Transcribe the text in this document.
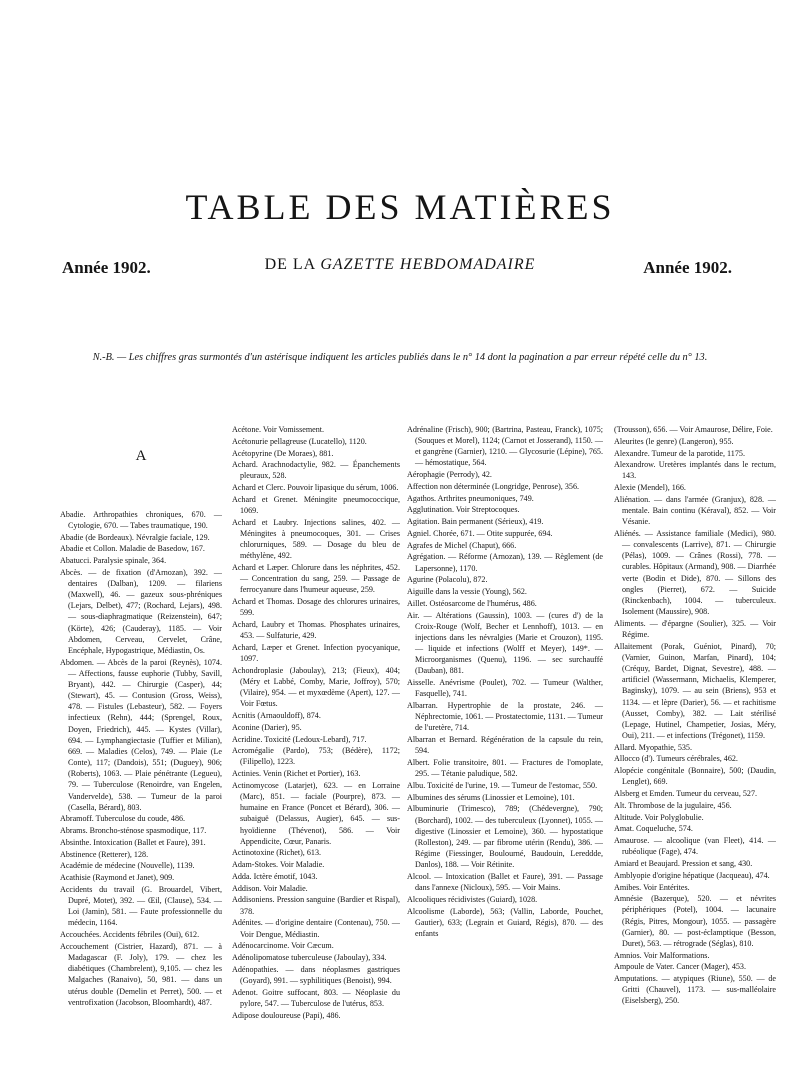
TABLE DES MATIÈRES

Année 1902.	DE LA GAZETTE HEBDOMADAIRE	Année 1902.

N.-B. — Les chiffres gras surmontés d'un astérisque indiquent les articles publiés dans le n° 14 dont la pagination a par erreur répété celle du n° 13.

A

Abadie. Arthropathies chroniques, 670. — Cytologie, 670. — Tabes traumatique, 190.

Abadie (de Bordeaux). Névralgie faciale, 129.

Abadie et Collon. Maladie de Basedow, 167.

Abatucci. Paralysie spinale, 364.

Abcès. — de fixation (d'Arnozan), 392. — dentaires (Dalban), 1209. — filariens (Maxwell), 46. — gazeux sous-phréniques (Lejars, Delbet), 477; (Rochard, Lejars), 498. — sous-diaphragmatique (Reizenstein), 647; (Körte), 426; (Cauderay), 1185. — Voir Abdomen, Cerveau, Cervelet, Crâne, Encéphale, Hypogastrique, Médiastin, Os.

Abdomen. — Abcès de la paroi (Reynès), 1074. — Affections, fausse euphorie (Tubby, Savill, Bryant), 442. — Chirurgie (Casper), 44; (Stewart), 45. — Contusion (Gross, Weiss), 478. — Fistules (Lebasteur), 582. — Foyers infectieux (Rehn), 444; (Sprengel, Roux, Doyen, Friedrich), 445. — Kystes (Villar), 694. — Lymphangiectasie (Tuffier et Milian), 669. — Maladies (Celos), 749. — Plaie (Le Conte), 117; (Dandois), 551; (Duguey), 906; (Roberts), 1063. — Plaie pénétrante (Legueu), 79. — Tuberculose (Renoirdre, van Engelen, Vandervelde), 538. — Tumeur de la paroi (Casella, Bérard), 803.

Abramoff. Tuberculose du coude, 486.

Abrams. Broncho-sténose spasmodique, 117.

Absinthe. Intoxication (Ballet et Faure), 391.

Abstinence (Retterer), 128.

Académie de médecine (Nouvelle), 1139.

Acathisie (Raymond et Janet), 909.

Accidents du travail (G. Brouardel, Vibert, Dupré, Motet), 392. — Œil, (Clause), 534. — Loi (Jamin), 581. — Faute professionnelle du médecin, 1164.

Accouchées. Accidents fébriles (Oui), 612.

Accouchement (Cistrier, Hazard), 871. — à Madagascar (F. Joly), 179. — chez les diabétiques (Chambrelent), 9,105. — chez les Malgaches (Ranaivo), 50, 981. — dans un utérus double (Demelin et Perret), 500. — et ventrofixation (Jacobson, Bloomhardt), 487.

Acétone. Voir Vomissement.

Acétonurie pellagreuse (Lucatello), 1120.

Acétopyrine (De Moraes), 881.

Achard. Arachnodactylie, 982. — Épanchements pleuraux, 528.

Achard et Clerc. Pouvoir lipasique du sérum, 1006.

Achard et Grenet. Méningite pneumococcique, 1069.

Achard et Laubry. Injections salines, 402. — Méningites à pneumocoques, 301. — Crises chlorurniques, 589. — Dosage du bleu de méthylène, 492.

Achard et Læper. Chlorure dans les néphrites, 452. — Concentration du sang, 259. — Passage de ferrocyanure dans l'humeur aqueuse, 259.

Achard et Thomas. Dosage des chlorures urinaires, 599.

Achard, Laubry et Thomas. Phosphates urinaires, 453. — Sulfaturie, 429.

Achard, Læper et Grenet. Infection pyocyanique, 1097.

Achondroplasie (Jaboulay), 213; (Fieux), 404; (Méry et Labbé, Comby, Marie, Joffroy), 570; (Vilaire), 954. — et myxœdème (Apert), 127. — Voir Fœtus.

Acnitis (Arnaouldoff), 874.

Aconine (Darier), 95.

Acridine. Toxicité (Ledoux-Lebard), 717.

Acromégalie (Pardo), 753; (Bédère), 1172; (Filipello), 1223.

Actinies. Venin (Richet et Portier), 163.

Actinomycose (Latarjet), 623. — en Lorraine (Marc), 851. — faciale (Pourpre), 873. — humaine en France (Poncet et Bérard), 306. — subaiguë (Delassus, Augier), 645. — sus-hyoïdienne (Thévenot), 586. — Voir Appendicite, Cœur, Panaris.

Actinotoxine (Richet), 613.

Adam-Stokes. Voir Maladie.

Adda. Ictère émotif, 1043.

Addison. Voir Maladie.

Addisoniens. Pression sanguine (Bardier et Rispal), 378.

Adénites. — d'origine dentaire (Contenau), 750. — Voir Dengue, Médiastin.

Adénocarcinome. Voir Cæcum.

Adénolipomatose tuberculeuse (Jaboulay), 334.

Adénopathies. — dans néoplasmes gastriques (Goyard), 991. — syphilitiques (Benoist), 994.

Adenot. Goitre suffocant, 803. — Néoplasie du pylore, 547. — Tuberculose de l'utérus, 853.

Adipose douloureuse (Papi), 486.

Adrénaline (Frisch), 900; (Bartrina, Pasteau, Franck), 1075; (Souques et Morel), 1124; (Carnot et Josserand), 1150. — et gangrène (Garnier), 1210. — Glycosurie (Lépine), 765. — hémostatique, 564.

Aérophagie (Perrody), 42.

Affection non déterminée (Longridge, Penrose), 356.

Agathos. Arthrites pneumoniques, 749.

Agglutination. Voir Streptocoques.

Agitation. Bain permanent (Sérieux), 419.

Agniel. Chorée, 671. — Otite suppurée, 694.

Agrafes de Michel (Chaput), 666.

Agrégation. — Réforme (Arnozan), 139. — Règlement (de Lapersonne), 1170.

Agurine (Polacolu), 872.

Aiguille dans la vessie (Young), 562.

Aillet. Ostéosarcome de l'humérus, 486.

Air. — Altérations (Gaussin), 1003. — (cures d') de la Croix-Rouge (Wolf, Becher et Lennhoff), 1013. — en injections dans les névralgies (Marie et Crouzon), 1195. — liquide et infections (Wolff et Meyer), 149*. — Microorganismes (Quenu), 1196. — sec surchauffé (Dauban), 881.

Aisselle. Anévrisme (Poulet), 702. — Tumeur (Walther, Fasquelle), 741.

Albarran. Hypertrophie de la prostate, 246. — Néphrectomie, 1061. — Prostatectomie, 1131. — Tumeur de l'uretère, 714.

Albarran et Bernard. Régénération de la capsule du rein, 594.

Albert. Folie transitoire, 801. — Fractures de l'omoplate, 295. — Tétanie paludique, 582.

Albu. Toxicité de l'urine, 19. — Tumeur de l'estomac, 550.

Albumines des sérums (Linossier et Lemoine), 101.

Albuminurie (Trimesco), 789; (Chédevergne), 790; (Borchard), 1002. — des tuberculeux (Lyonnet), 1055. — digestive (Linossier et Lemoine), 360. — hypostatique (Rolleston), 249. — par fibrome utérin (Rendu), 386. — Régime (Fiessinger, Boulourné, Baudouin, Lereddde, Danlos), 188. — Voir Rétinite.

Alcool. — Intoxication (Ballet et Faure), 391. — Passage dans l'annexe (Nicloux), 595. — Voir Mains.

Alcooliques récidivistes (Guiard), 1028.

Alcoolisme (Laborde), 563; (Vallin, Laborde, Pouchet, Gautier), 633; (Legrain et Guiard, Régis), 870. — des enfants

(Trousson), 656. — Voir Amaurose, Délire, Foie.

Aleurites (le genre) (Langeron), 955.

Alexandre. Tumeur de la parotide, 1175.

Alexandrow. Uretères implantés dans le rectum, 143.

Alexie (Mendel), 166.

Aliénation. — dans l'armée (Granjux), 828. — mentale. Bain continu (Kéraval), 852. — Voir Vésanie.

Aliénés. — Assistance familiale (Medici), 980. — convalescents (Larrive), 871. — Chirurgie (Pélas), 1009. — Crânes (Rossi), 778. — curables. Hôpitaux (Armand), 908. — Diarrhée verte (Bodin et Dide), 870. — Sillons des ongles (Pierret), 672. — Suicide (Rinckenbach), 1004. — tuberculeux. Isolement (Maussire), 908.

Aliments. — d'épargne (Soulier), 325. — Voir Régime.

Allaitement (Porak, Guéniot, Pinard), 70; (Varnier, Guinon, Marfan, Pinard), 104; (Créquy, Bardet, Dignat, Sevestre), 488. — artificiel (Wassermann, Michaelis, Klemperer, Baginsky), 1079. — au sein (Briens), 953 et 1134. — et lèpre (Darier), 56. — et rachitisme (Ausset, Comby), 382. — Lait stérilisé (Lepage, Hutinel, Champetier, Josias, Méry, Oui), 211. — et infections (Trégonet), 1159.

Allard. Myopathie, 535.

Allocco (d'). Tumeurs cérébrales, 462.

Alopécie congénitale (Bonnaire), 500; (Daudin, Lenglet), 669.

Alsberg et Emden. Tumeur du cerveau, 527.

Alt. Thrombose de la jugulaire, 456.

Altitude. Voir Polyglobulie.

Amat. Coqueluche, 574.

Amaurose. — alcoolique (van Fleet), 414. — rubéolique (Fage), 474.

Amiard et Beaujard. Pression et sang, 430.

Amblyopie d'origine hépatique (Jacqueau), 474.

Amibes. Voir Entérites.

Amnésie (Bazerque), 520. — et névrites périphériques (Potel), 1004. — lacunaire (Régis, Pitres, Mongour), 1055. — passagère (Garnier), 80. — post-éclamptique (Besson, Duret), 563. — rétrograde (Séglas), 810.

Amnios. Voir Malformations.

Ampoule de Vater. Cancer (Mager), 453.

Amputations. — atypiques (Riune), 550. — de Gritti (Chauvel), 1173. — sus-malléolaire (Eiselsberg), 250.
